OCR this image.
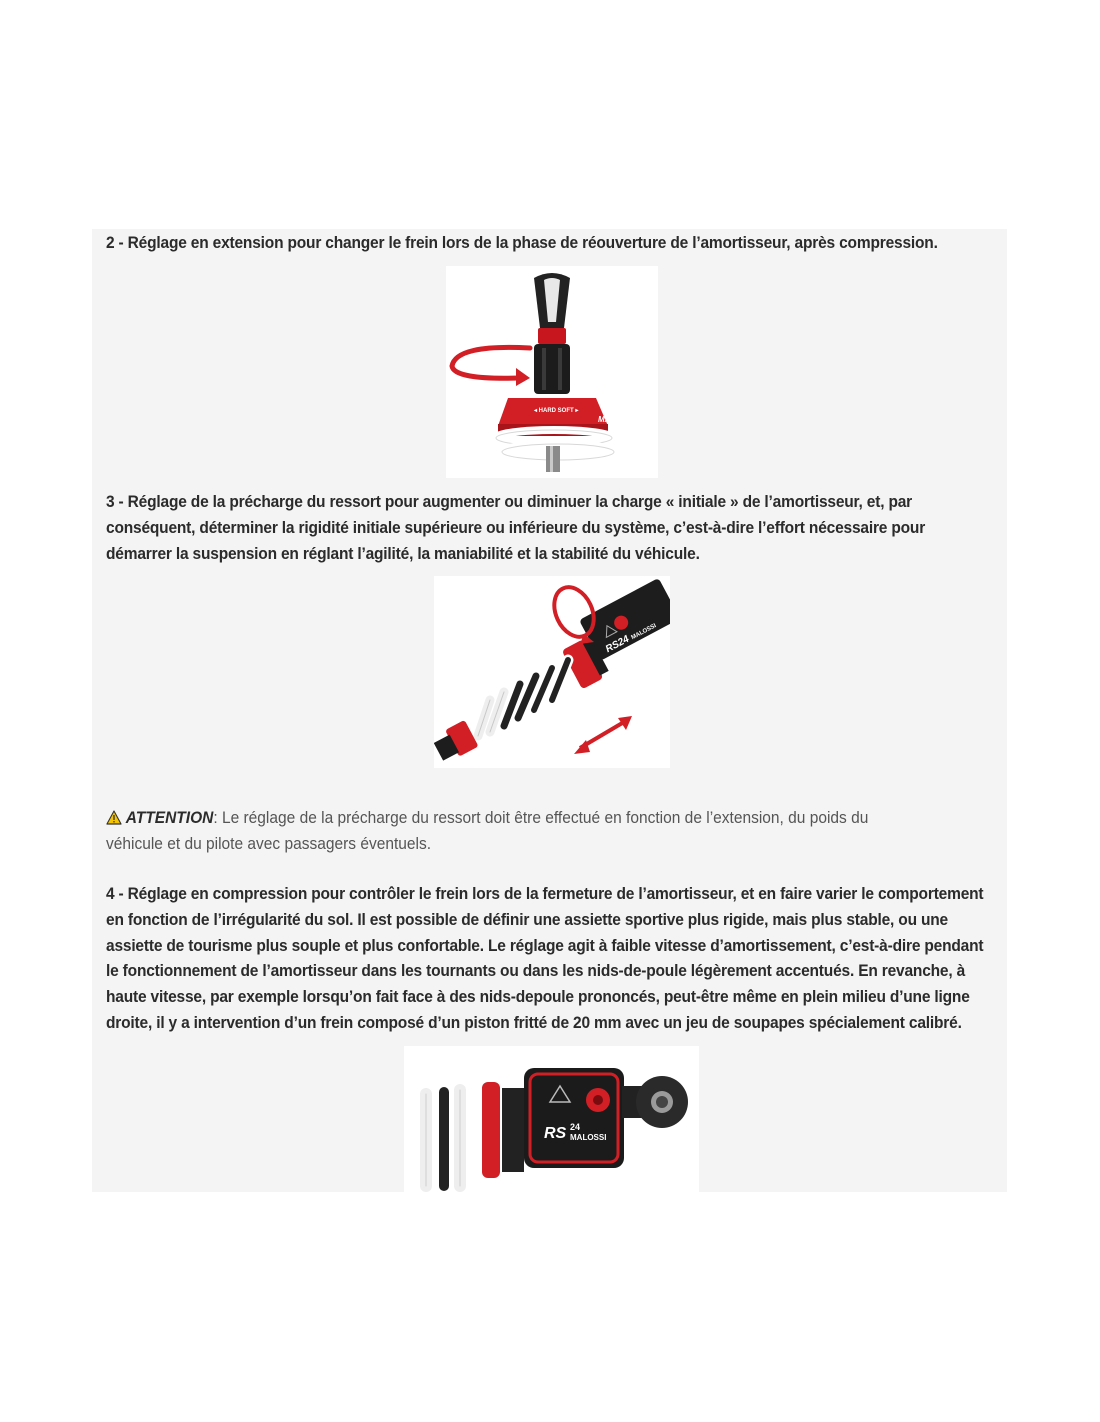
2 - Réglage en extension pour changer le frein lors de la phase de réouverture de l’amortisseur, après compression.

◂ HARD SOFT ▸
MA

3 - Réglage de la précharge du ressort pour augmenter ou diminuer la charge « initiale » de l’amortisseur, et, par conséquent, déterminer la rigidité initiale supérieure ou inférieure du système, c’est-à-dire l’effort nécessaire pour démarrer la suspension en réglant l’agilité, la maniabilité et la stabilité du véhicule.

RS24
MALOSSI

ATTENTION: Le réglage de la précharge du ressort doit être effectué en fonction de l’extension, du poids du véhicule et du pilote avec passagers éventuels.

4 - Réglage en compression pour contrôler le frein lors de la fermeture de l’amortisseur, et en faire varier le comportement en fonction de l’irrégularité du sol. Il est possible de définir une assiette sportive plus rigide, mais plus stable, ou une assiette de tourisme plus souple et plus confortable. Le réglage agit à faible vitesse d’amortissement, c’est-à-dire pendant le fonctionnement de l’amortisseur dans les tournants ou dans les nids-de-poule légèrement accentués. En revanche, à haute vitesse, par exemple lorsqu’on fait face à des nids-depoule prononcés, peut-être même en plein milieu d’une ligne droite, il y a intervention d’un frein composé d’un piston fritté de 20 mm avec un jeu de soupapes spécialement calibré.

RS 24
MALOSSI
